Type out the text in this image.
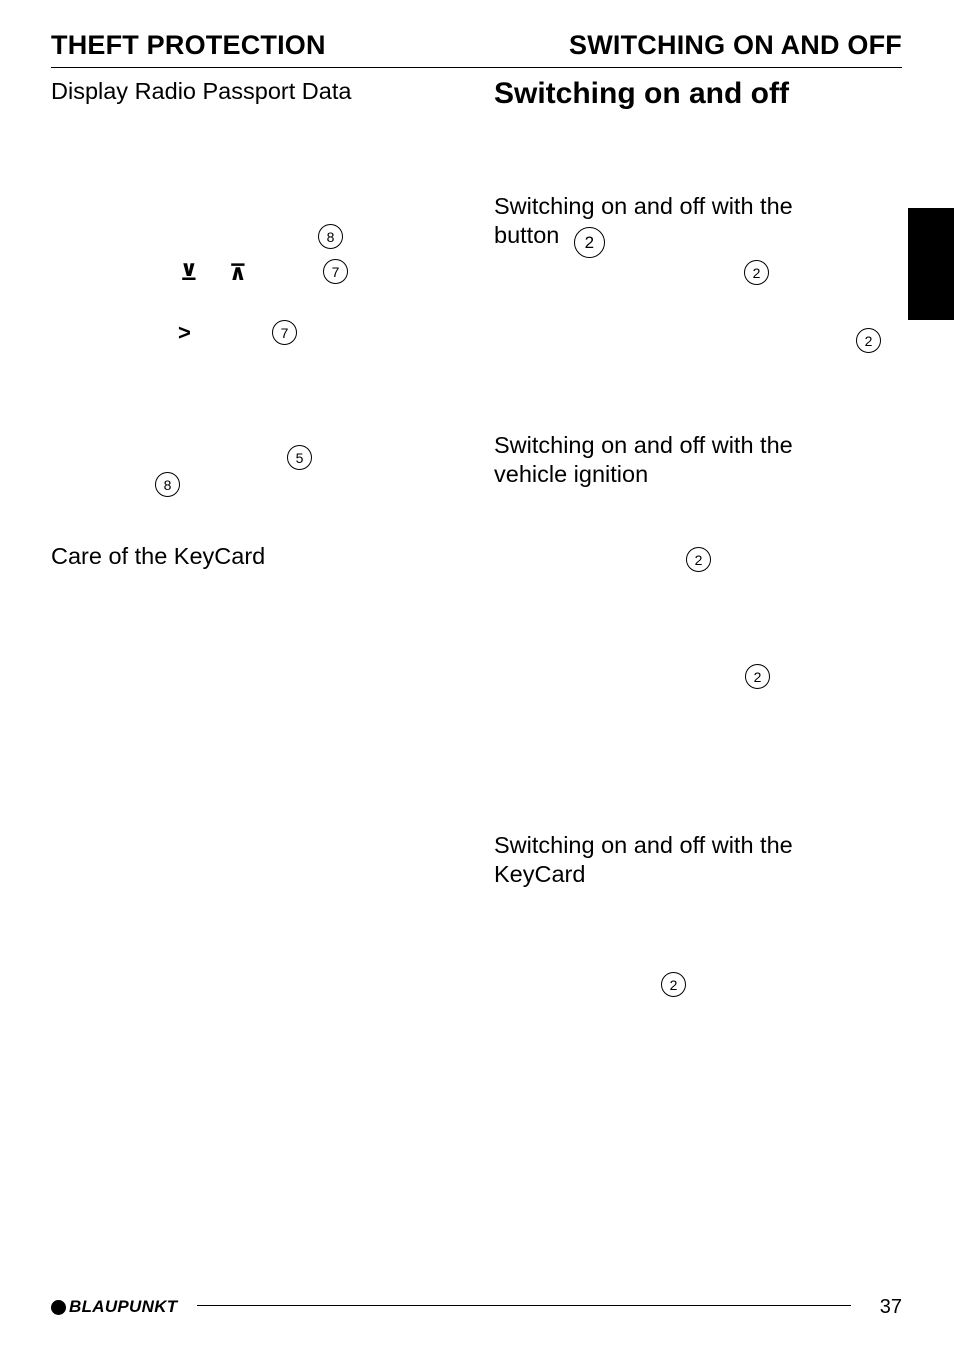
THEFT PROTECTION	SWITCHING ON AND OFF
Display Radio Passport Data
8
⊻ ⊼	7
>	7
5
8
Care of the KeyCard
Switching on and off
Switching on and off with the
button 2
2
2
Switching on and off with the
vehicle ignition
2
2
Switching on and off with the
KeyCard
2
BLAUPUNKT	37
